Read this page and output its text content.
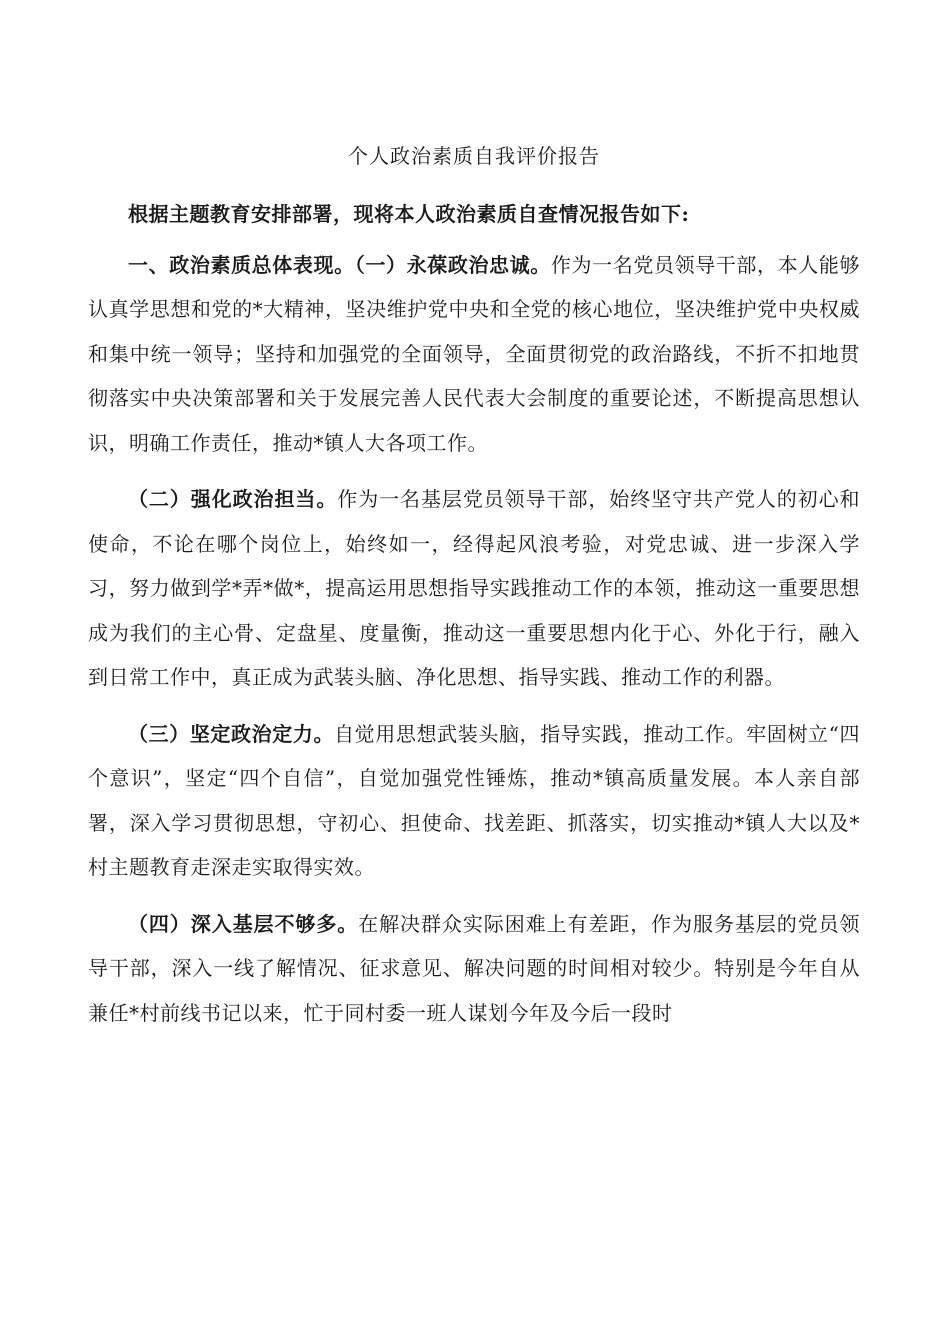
个人政治素质自我评价报告

根据主题教育安排部署，现将本人政治素质自查情况报告如下:

一、政治素质总体表现。（一）永葆政治忠诚。作为一名党员领导干部，本人能够认真学思想和党的*大精神，坚决维护党中央和全党的核心地位，坚决维护党中央权威和集中统一领导；坚持和加强党的全面领导，全面贯彻党的政治路线，不折不扣地贯彻落实中央决策部署和关于发展完善人民代表大会制度的重要论述，不断提高思想认识，明确工作责任，推动*镇人大各项工作。

（二）强化政治担当。作为一名基层党员领导干部，始终坚守共产党人的初心和使命，不论在哪个岗位上，始终如一，经得起风浪考验，对党忠诚、进一步深入学习，努力做到学*弄*做*，提高运用思想指导实践推动工作的本领，推动这一重要思想成为我们的主心骨、定盘星、度量衡，推动这一重要思想内化于心、外化于行，融入到日常工作中，真正成为武装头脑、净化思想、指导实践、推动工作的利器。

（三）坚定政治定力。自觉用思想武装头脑，指导实践，推动工作。牢固树立“四个意识”，坚定“四个自信”，自觉加强党性锤炼，推动*镇高质量发展。本人亲自部署，深入学习贯彻思想，守初心、担使命、找差距、抓落实，切实推动*镇人大以及*村主题教育走深走实取得实效。

（四）深入基层不够多。在解决群众实际困难上有差距，作为服务基层的党员领导干部，深入一线了解情况、征求意见、解决问题的时间相对较少。特别是今年自从兼任*村前线书记以来，忙于同村委一班人谋划今年及今后一段时
